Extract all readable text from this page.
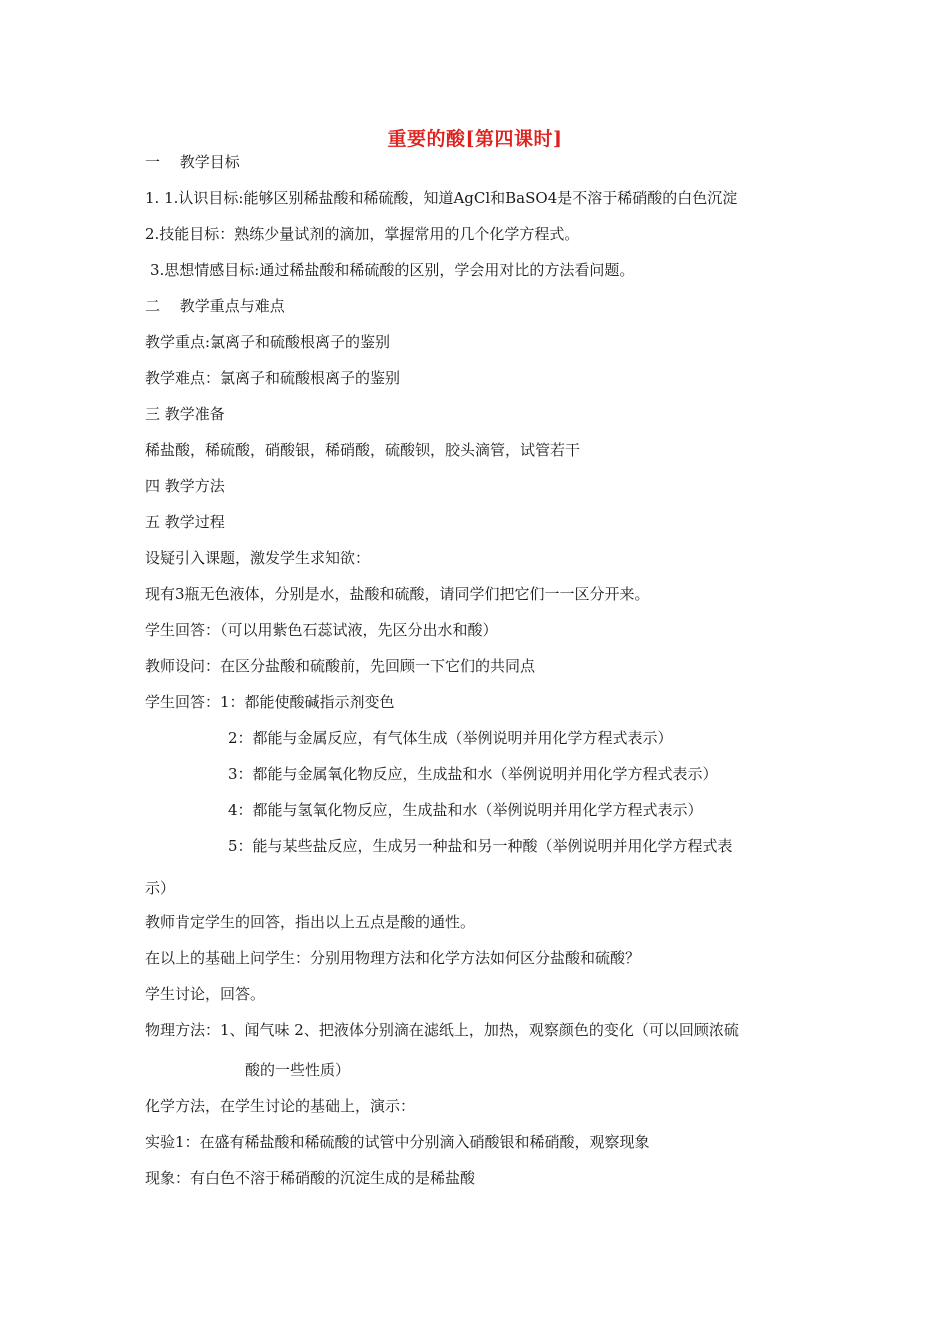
重要的酸[第四课时]
一　 教学目标
1. 1.认识目标:能够区别稀盐酸和稀硫酸，知道AgCl和BaSO4是不溶于稀硝酸的白色沉淀
2.技能目标：熟练少量试剂的滴加，掌握常用的几个化学方程式。
3.思想情感目标:通过稀盐酸和稀硫酸的区别，学会用对比的方法看问题。
二　 教学重点与难点
教学重点:氯离子和硫酸根离子的鉴别
教学难点：氯离子和硫酸根离子的鉴别
三 教学准备
稀盐酸，稀硫酸，硝酸银，稀硝酸，硫酸钡，胶头滴管，试管若干
四 教学方法
五 教学过程
设疑引入课题，激发学生求知欲：
现有3瓶无色液体，分别是水，盐酸和硫酸，请同学们把它们一一区分开来。
学生回答：（可以用紫色石蕊试液，先区分出水和酸）
教师设问：在区分盐酸和硫酸前，先回顾一下它们的共同点
学生回答：1：都能使酸碱指示剂变色
2：都能与金属反应，有气体生成（举例说明并用化学方程式表示）
3：都能与金属氧化物反应，生成盐和水（举例说明并用化学方程式表示）
4：都能与氢氧化物反应，生成盐和水（举例说明并用化学方程式表示）
5：能与某些盐反应，生成另一种盐和另一种酸（举例说明并用化学方程式表
示）
教师肯定学生的回答，指出以上五点是酸的通性。
在以上的基础上问学生：分别用物理方法和化学方法如何区分盐酸和硫酸？
学生讨论，回答。
物理方法：1、闻气味 2、把液体分别滴在滤纸上，加热，观察颜色的变化（可以回顾浓硫
酸的一些性质）
化学方法，在学生讨论的基础上，演示：
实验1：在盛有稀盐酸和稀硫酸的试管中分别滴入硝酸银和稀硝酸，观察现象
现象：有白色不溶于稀硝酸的沉淀生成的是稀盐酸
